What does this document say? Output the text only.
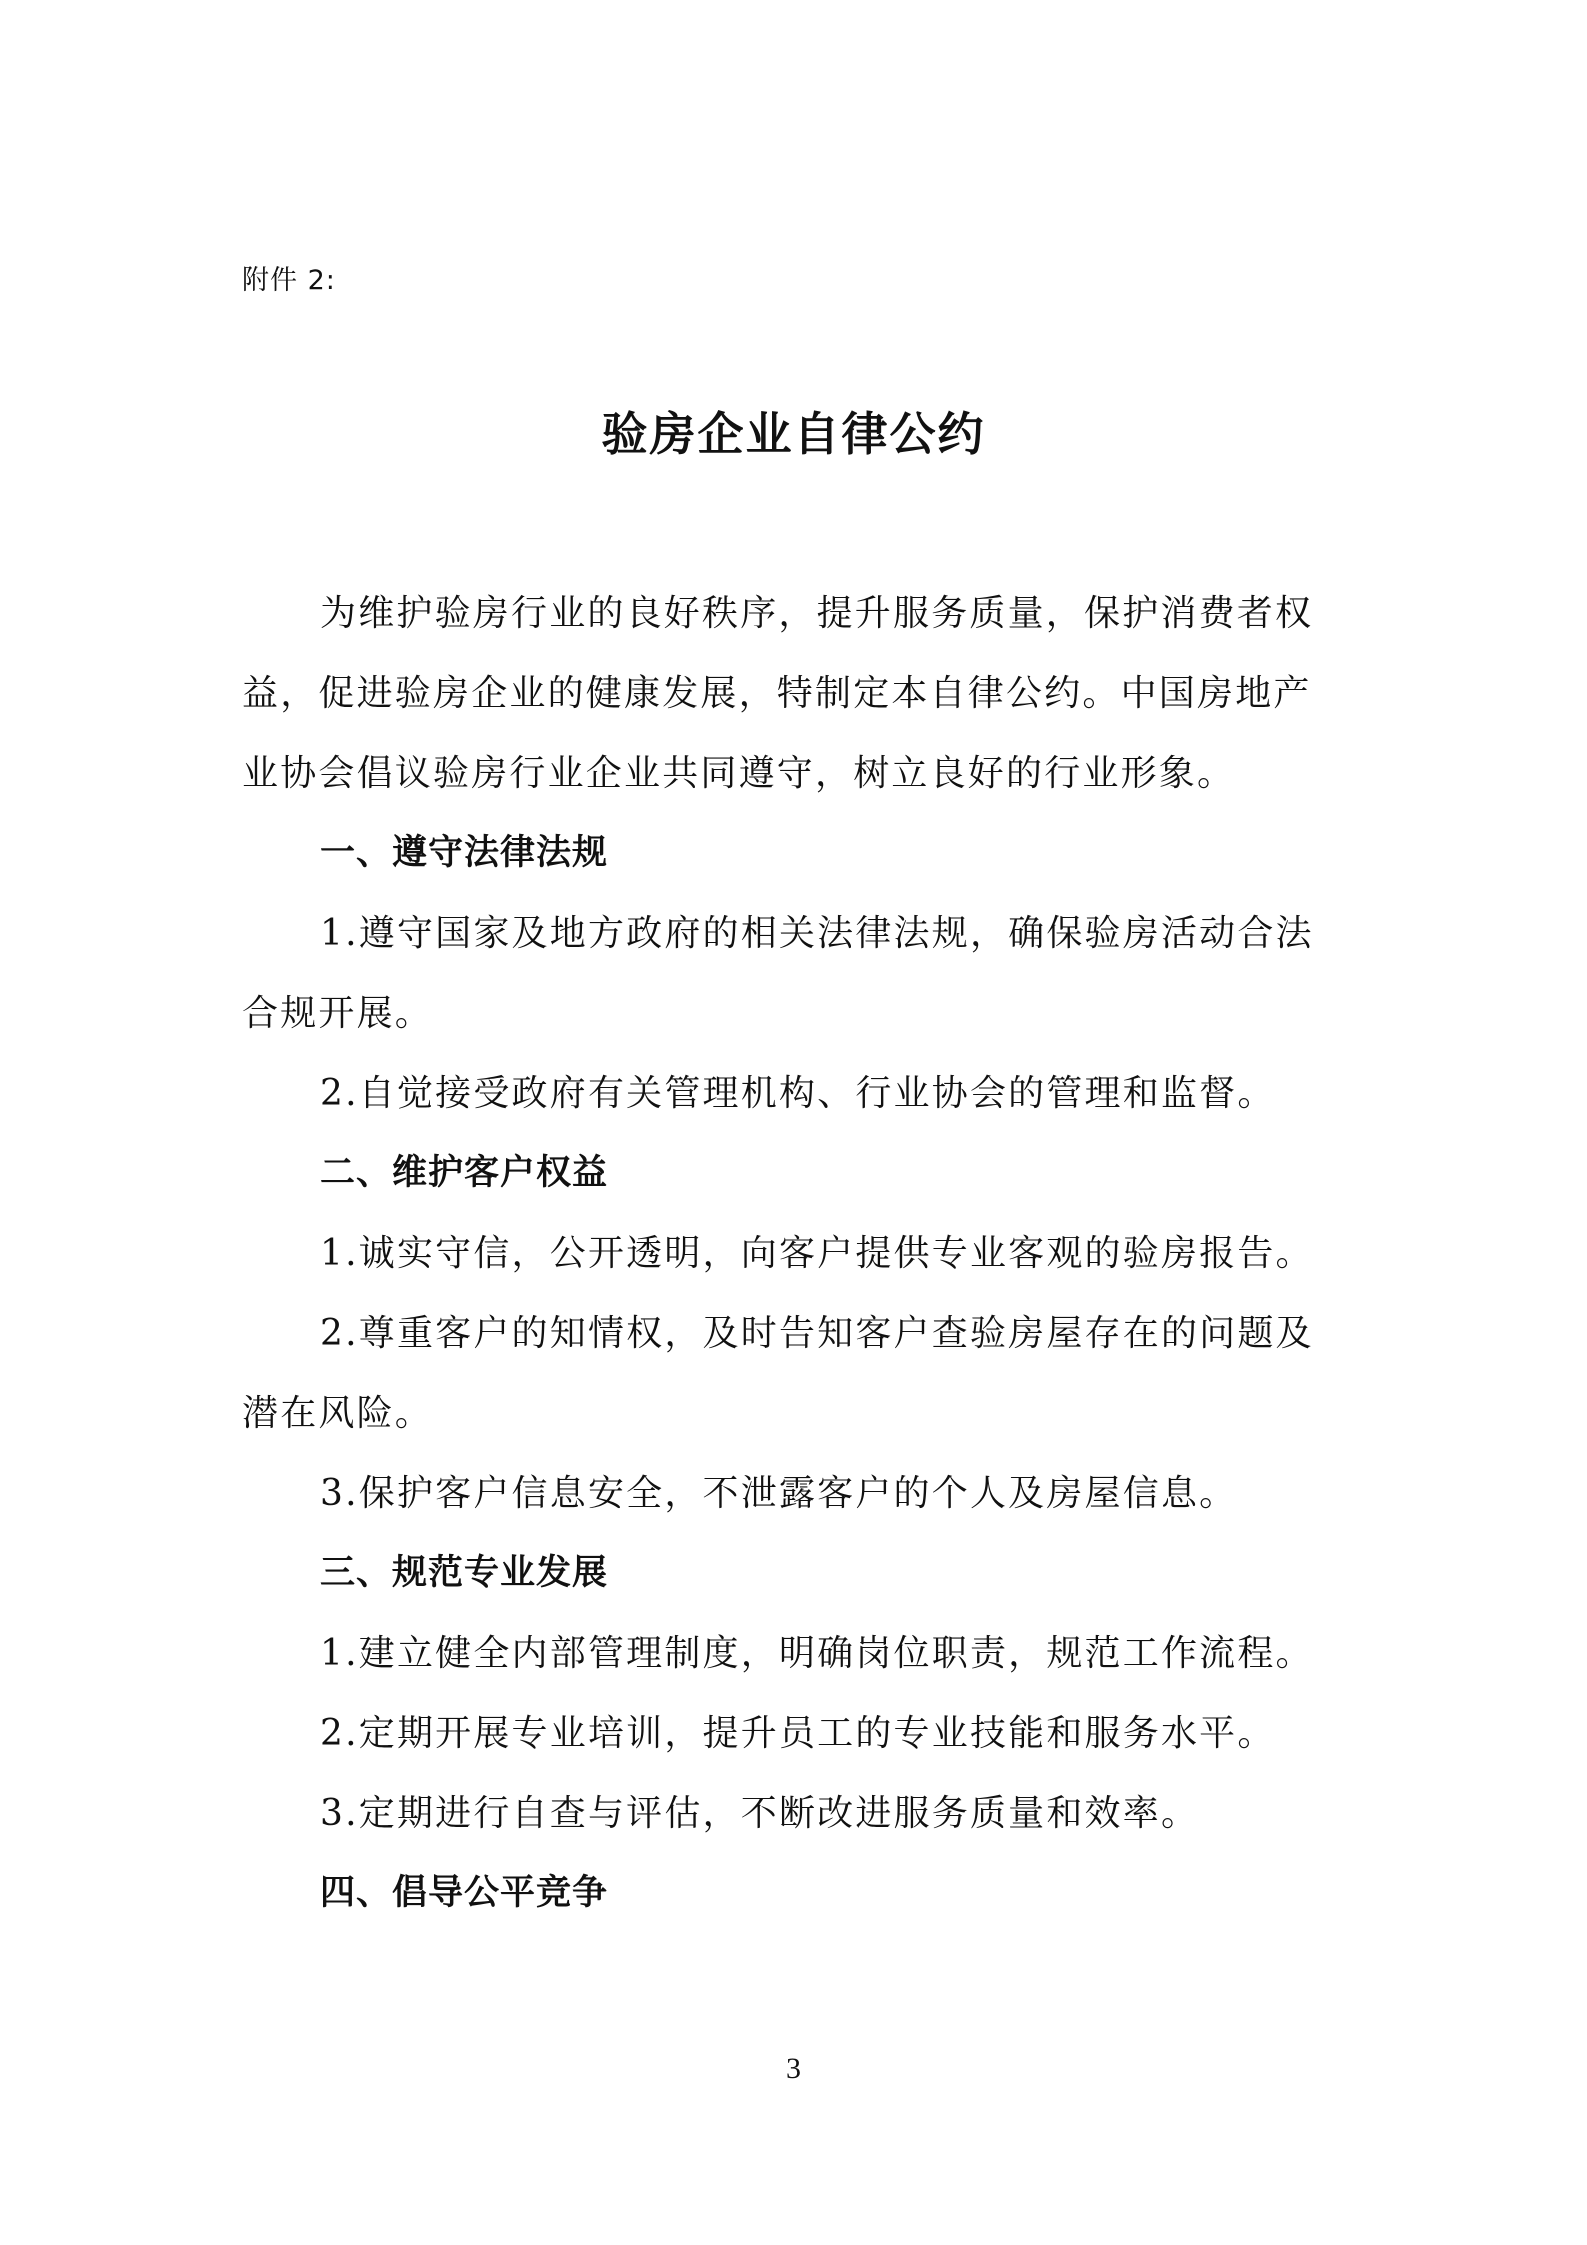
附件 2:
验房企业自律公约
为维护验房行业的良好秩序，提升服务质量，保护消费者权
益，促进验房企业的健康发展，特制定本自律公约。中国房地产
业协会倡议验房行业企业共同遵守，树立良好的行业形象。
一、遵守法律法规
1.遵守国家及地方政府的相关法律法规，确保验房活动合法
合规开展。
2.自觉接受政府有关管理机构、行业协会的管理和监督。
二、维护客户权益
1.诚实守信，公开透明，向客户提供专业客观的验房报告。
2.尊重客户的知情权，及时告知客户查验房屋存在的问题及
潜在风险。
3.保护客户信息安全，不泄露客户的个人及房屋信息。
三、规范专业发展
1.建立健全内部管理制度，明确岗位职责，规范工作流程。
2.定期开展专业培训，提升员工的专业技能和服务水平。
3.定期进行自查与评估，不断改进服务质量和效率。
四、倡导公平竞争
3
